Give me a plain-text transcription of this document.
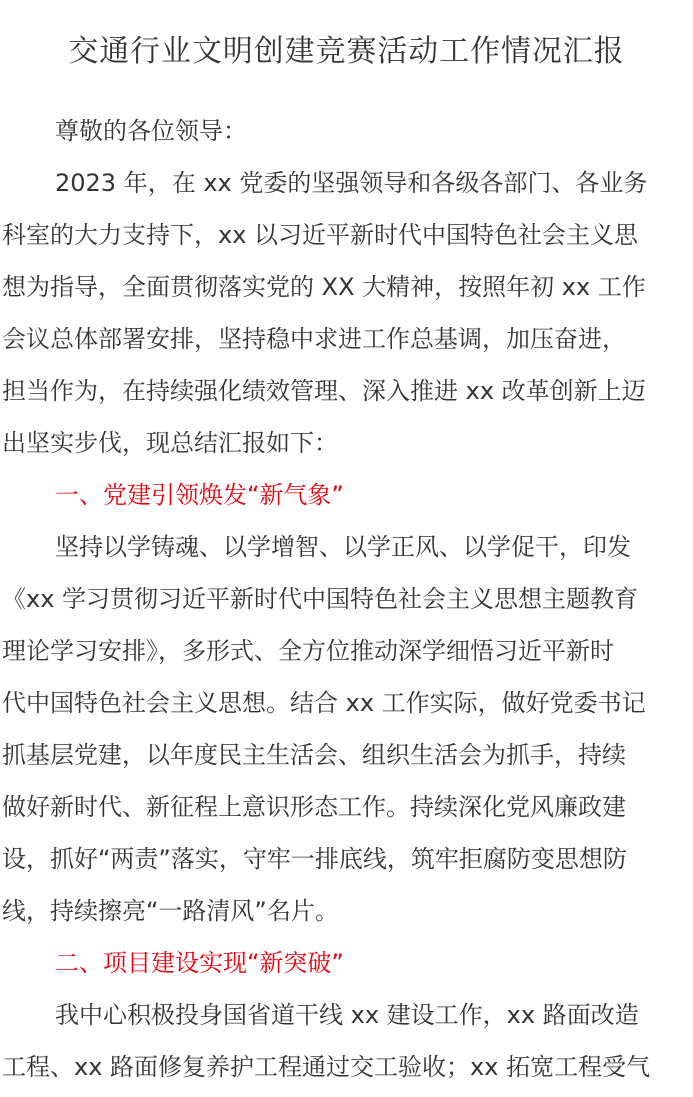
交通行业文明创建竞赛活动工作情况汇报
尊敬的各位领导：
2023 年，在 xx 党委的坚强领导和各级各部门、各业务
科室的大力支持下，xx 以习近平新时代中国特色社会主义思
想为指导，全面贯彻落实党的 XX 大精神，按照年初 xx 工作
会议总体部署安排，坚持稳中求进工作总基调，加压奋进，
担当作为，在持续强化绩效管理、深入推进 xx 改革创新上迈
出坚实步伐，现总结汇报如下：
一、党建引领焕发“新气象”
坚持以学铸魂、以学增智、以学正风、以学促干，印发
《xx 学习贯彻习近平新时代中国特色社会主义思想主题教育
理论学习安排》，多形式、全方位推动深学细悟习近平新时
代中国特色社会主义思想。结合 xx 工作实际，做好党委书记
抓基层党建，以年度民主生活会、组织生活会为抓手，持续
做好新时代、新征程上意识形态工作。持续深化党风廉政建
设，抓好“两责”落实，守牢一排底线，筑牢拒腐防变思想防
线，持续擦亮“一路清风”名片。
二、项目建设实现“新突破”
我中心积极投身国省道干线 xx 建设工作，xx 路面改造
工程、xx 路面修复养护工程通过交工验收；xx 拓宽工程受气
